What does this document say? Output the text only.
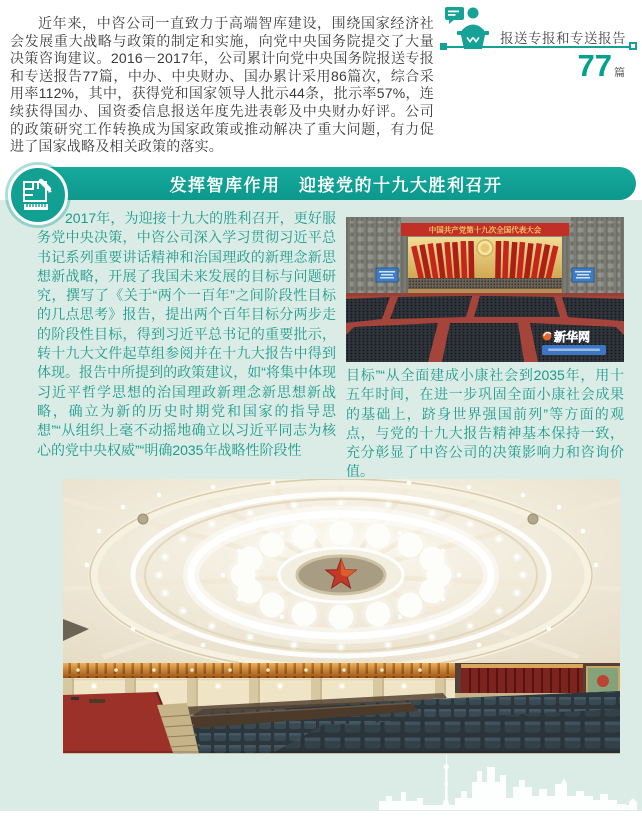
近年来，中咨公司一直致力于高端智库建设，围绕国家经济社会发展重大战略与政策的制定和实施，向党中央国务院提交了大量决策咨询建议。2016－2017年，公司累计向党中央国务院报送专报和专送报告77篇，中办、中央财办、国办累计采用86篇次，综合采用率112%，其中，获得党和国家领导人批示44条，批示率57%，连续获得国办、国资委信息报送年度先进表彰及中央财办好评。公司的政策研究工作转换成为国家政策或推动解决了重大问题，有力促进了国家战略及相关政策的落实。
报送专报和专送报告
77 篇
发挥智库作用　迎接党的十九大胜利召开
2017年，为迎接十九大的胜利召开，更好服务党中央决策，中咨公司深入学习贯彻习近平总书记系列重要讲话精神和治国理政的新理念新思想新战略，开展了我国未来发展的目标与问题研究，撰写了《关于“两个一百年”之间阶段性目标的几点思考》报告，提出两个百年目标分两步走的阶段性目标，得到习近平总书记的重要批示，转十九大文件起草组参阅并在十九大报告中得到体现。报告中所提到的政策建议，如“将集中体现习近平哲学思想的治国理政新理念新思想新战略，确立为新的历史时期党和国家的指导思想”“从组织上毫不动摇地确立以习近平同志为核心的党中央权威”“明确2035年战略性阶段性
目标”“从全面建成小康社会到2035年，用十五年时间，在进一步巩固全面小康社会成果的基础上，跻身世界强国前列”等方面的观点，与党的十九大报告精神基本保持一致，充分彰显了中咨公司的决策影响力和咨询价值。
中国共产党第十九次全国代表大会
新华网
